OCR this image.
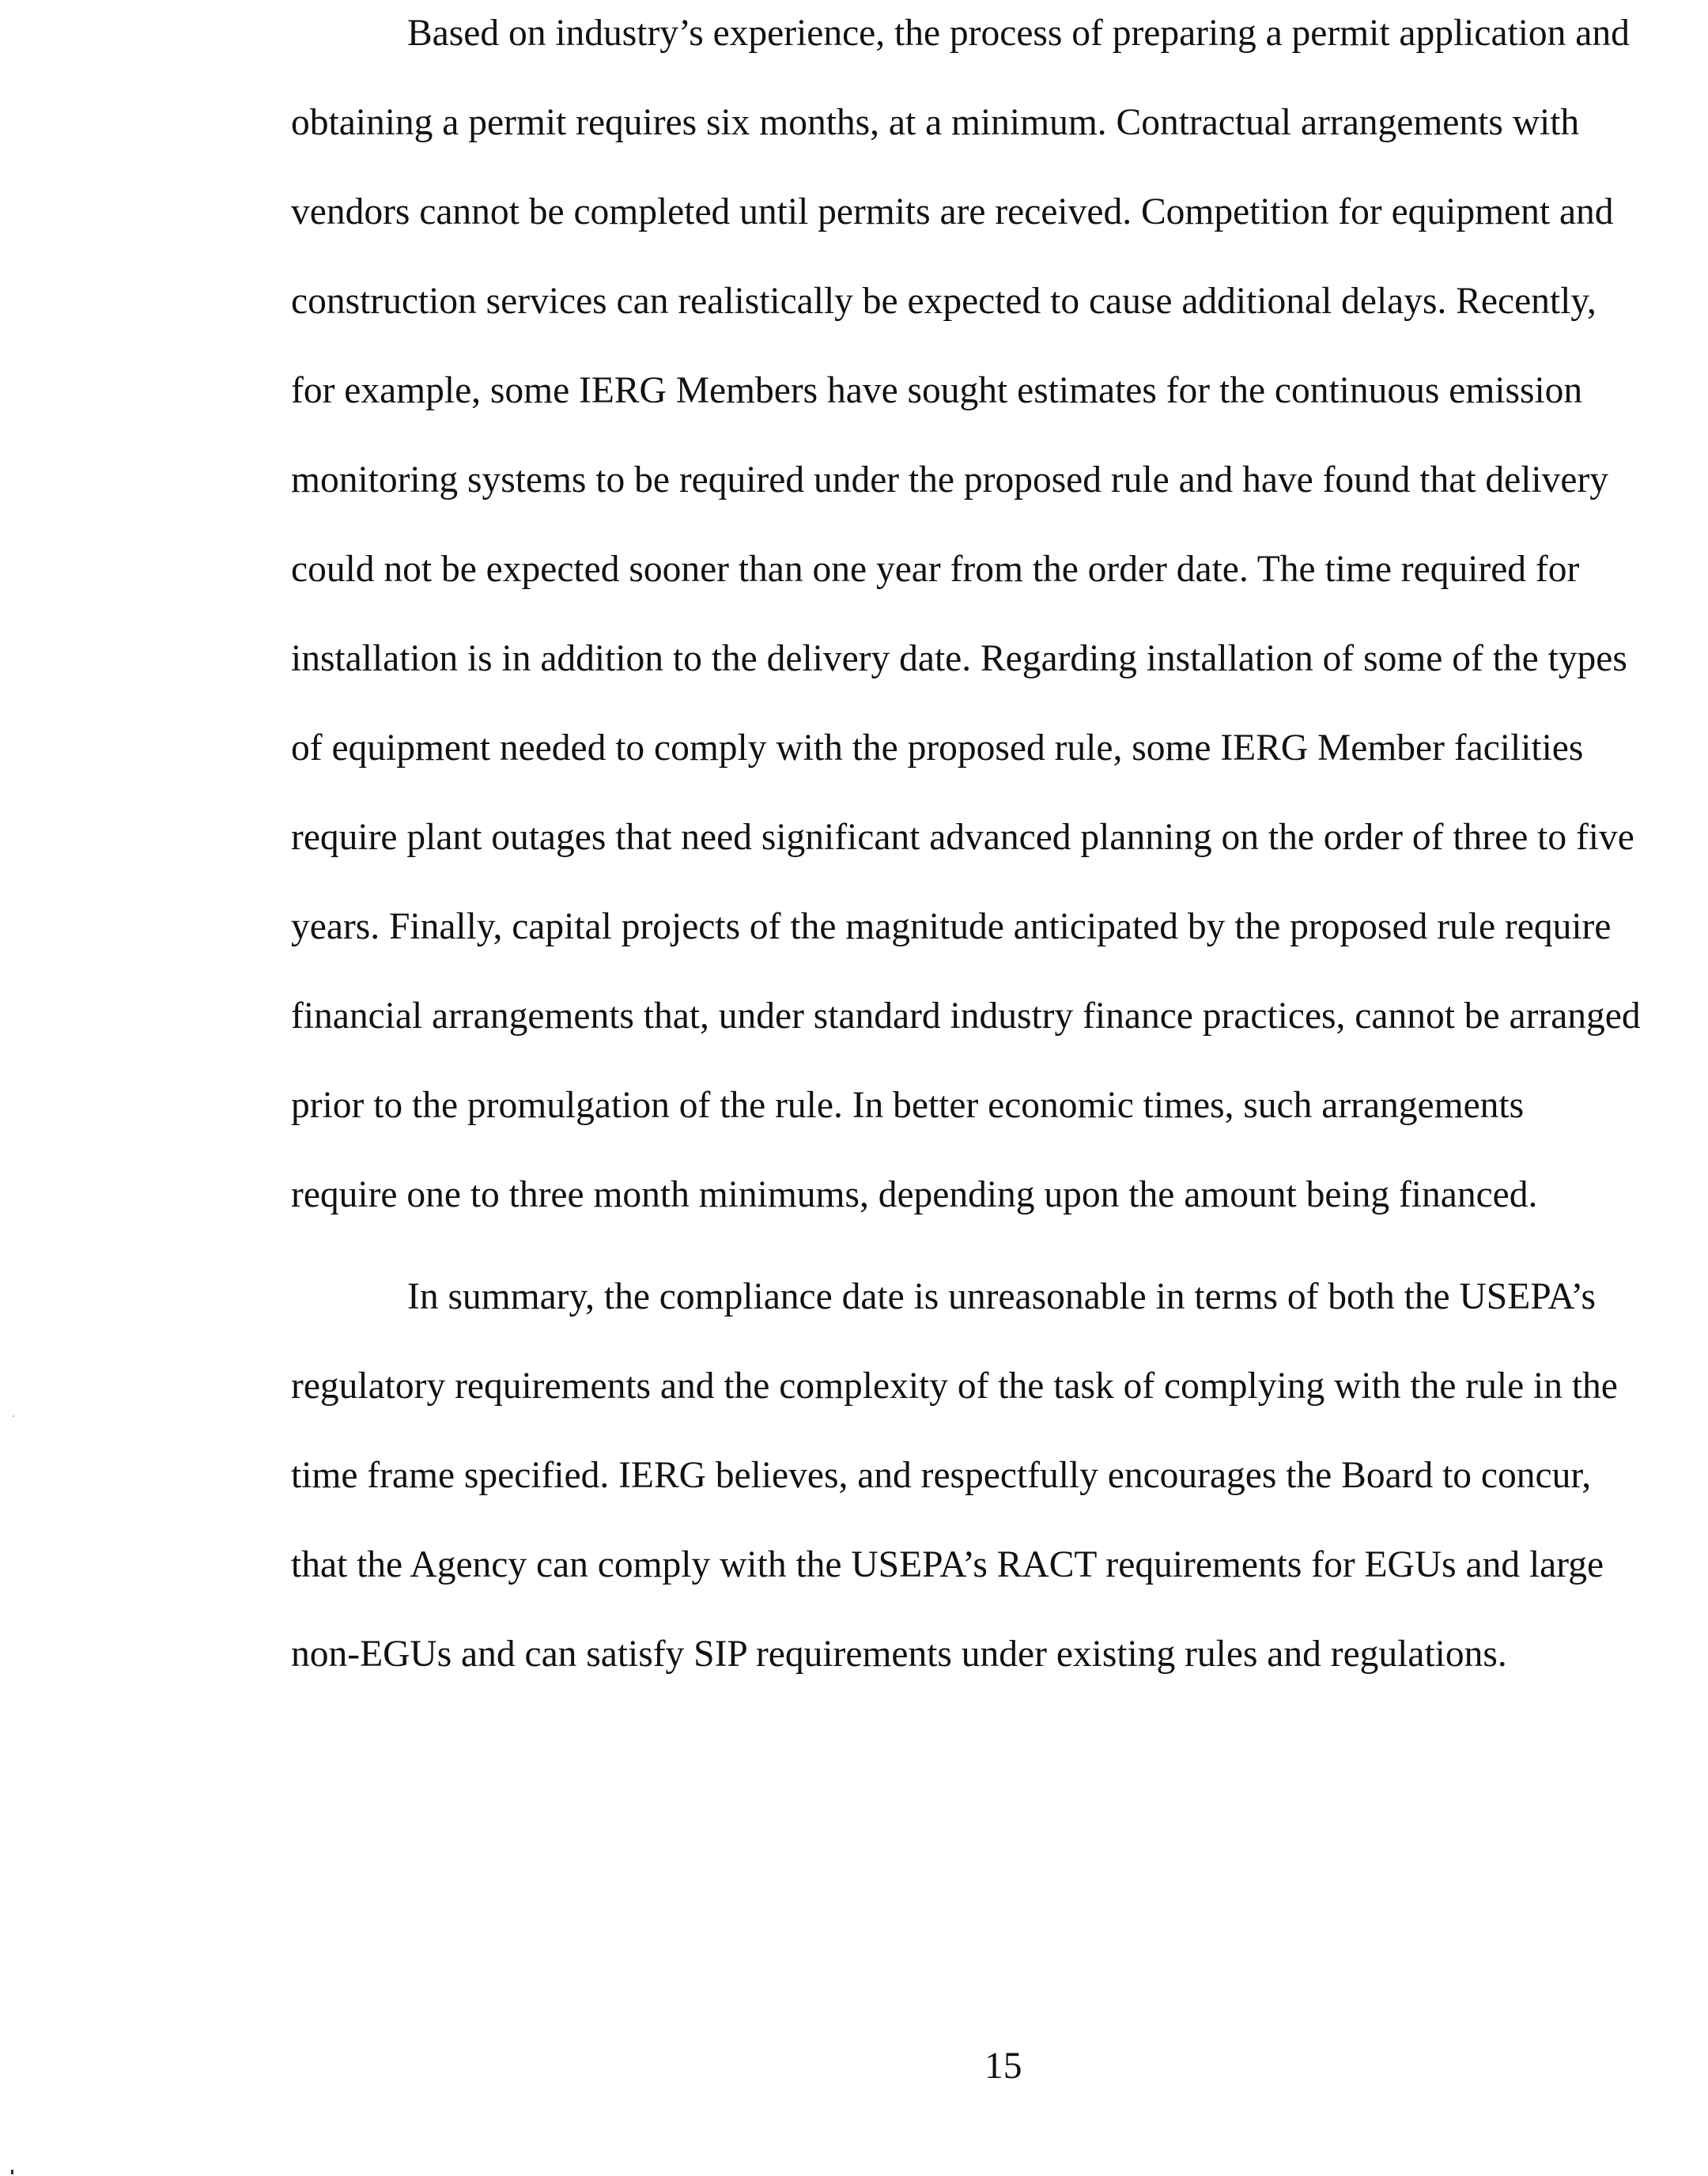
Based on industry’s experience, the process of preparing a permit application and
obtaining a permit requires six months, at a minimum. Contractual arrangements with
vendors cannot be completed until permits are received. Competition for equipment and
construction services can realistically be expected to cause additional delays. Recently,
for example, some IERG Members have sought estimates for the continuous emission
monitoring systems to be required under the proposed rule and have found that delivery
could not be expected sooner than one year from the order date. The time required for
installation is in addition to the delivery date. Regarding installation of some of the types
of equipment needed to comply with the proposed rule, some IERG Member facilities
require plant outages that need significant advanced planning on the order of three to five
years. Finally, capital projects of the magnitude anticipated by the proposed rule require
financial arrangements that, under standard industry finance practices, cannot be arranged
prior to the promulgation of the rule. In better economic times, such arrangements
require one to three month minimums, depending upon the amount being financed.
In summary, the compliance date is unreasonable in terms of both the USEPA’s
regulatory requirements and the complexity of the task of complying with the rule in the
time frame specified. IERG believes, and respectfully encourages the Board to concur,
that the Agency can comply with the USEPA’s RACT requirements for EGUs and large
non-EGUs and can satisfy SIP requirements under existing rules and regulations.
15
